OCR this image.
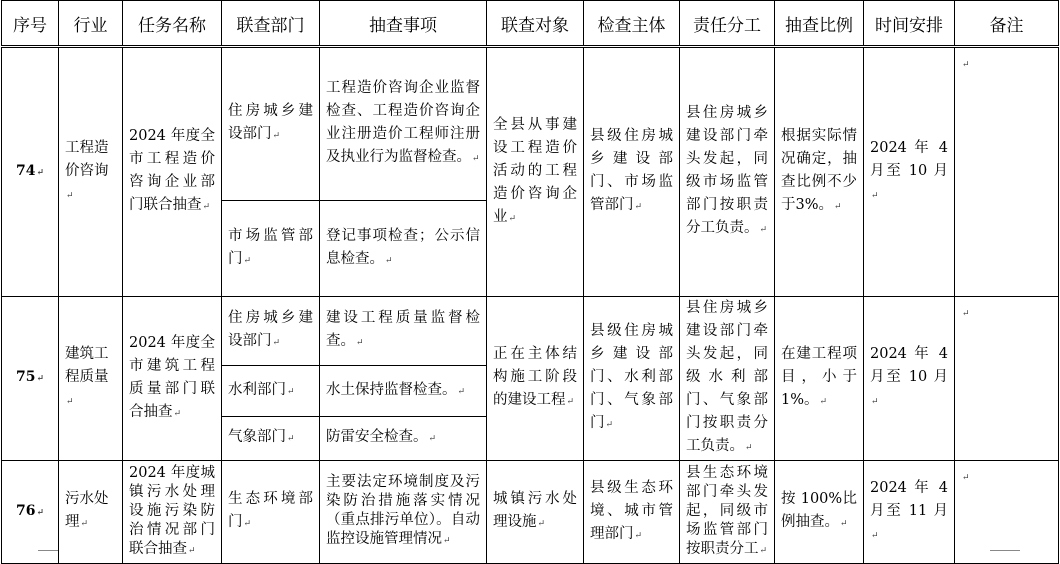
序号	行业	任务名称	联查部门	抽查事项	联查对象	检查主体	责任分工	抽查比例	时间安排	备注
74↵	工程造价咨询↵	2024 年度全市工程造价咨询企业部门联合抽查↵	住房城乡建设部门↵	工程造价咨询企业监督检查、工程造价咨询企业注册造价工程师注册及执业行为监督检查。↵	全县从事建设工程造价活动的工程造价咨询企业↵	县级住房城乡建设部门、市场监管部门↵	县住房城乡建设部门牵头发起，同级市场监管部门按职责分工负责。↵	根据实际情况确定，抽查比例不少于3%。↵	2024 年 4 月至 10 月↵	↵

			市场监管部门↵	登记事项检查；公示信息检查。↵						

75↵	建筑工程质量↵	2024 年度全市建筑工程质量部门联合抽查↵	住房城乡建设部门↵	建设工程质量监督检查。↵	正在主体结构施工阶段的建设工程↵	县级住房城乡建设部门、水利部门、气象部门↵	县住房城乡建设部门牵头发起，同级水利部门、气象部门按职责分工负责。↵	在建工程项目，小于1%。↵	2024 年 4 月至 10 月↵	↵

			水利部门↵	水土保持监督检查。↵						

			气象部门↵	防雷安全检查。↵						

76↵	污水处理↵	2024 年度城镇污水处理设施污染防治情况部门联合抽查↵	生态环境部门↵	主要法定环境制度及污染防治措施落实情况（重点排污单位）。自动监控设施管理情况↵	城镇污水处理设施↵	县级生态环境、城市管理部门↵	县生态环境部门牵头发起，同级市场监管部门按职责分工↵	按 100%比例抽查。↵	2024 年 4 月至 11 月↵	↵
